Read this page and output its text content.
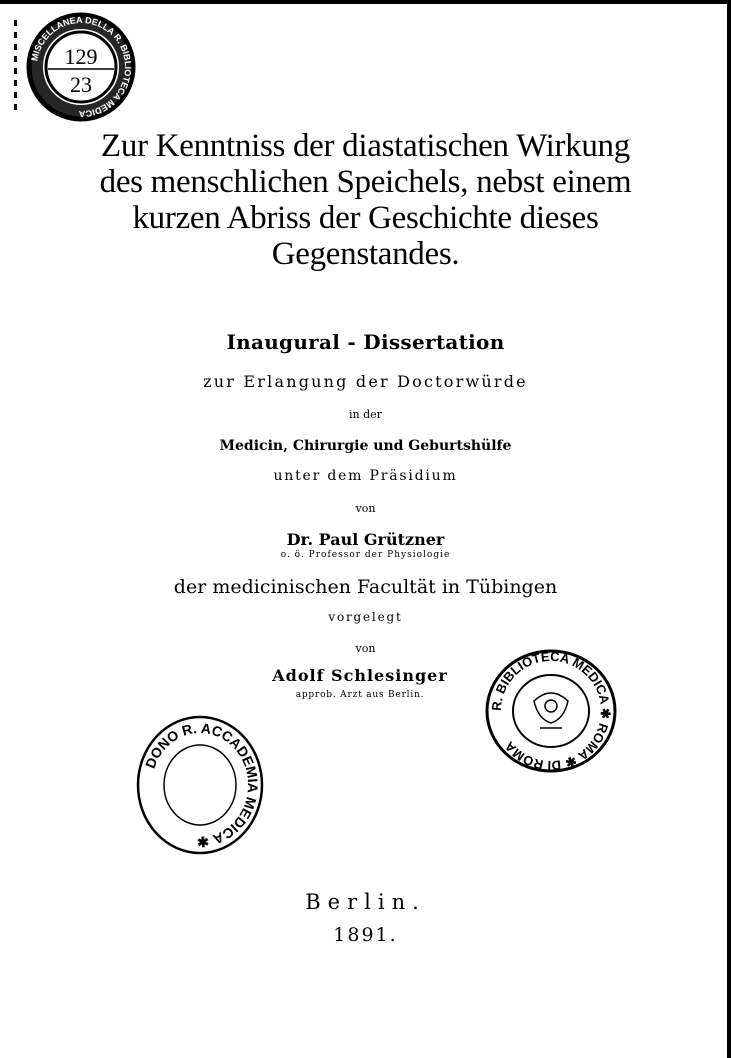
MISCELLANEA DELLA R. BIBLIOTECA MEDICA
129
23
Zur Kenntniss der diastatischen Wirkung
des menschlichen Speichels, nebst einem
kurzen Abriss der Geschichte dieses
Gegenstandes.
Inaugural - Dissertation
zur Erlangung der Doctorwürde
in der
Medicin, Chirurgie und Geburtshülfe
unter dem Präsidium
von
Dr. Paul Grützner
o. ö. Professor der Physiologie
der medicinischen Facultät in Tübingen
vorgelegt
von
Adolf Schlesinger
approb. Arzt aus Berlin.
R. BIBLIOTECA MEDICA ✱ ROMA ✱ DI ROMA
DONO R. ACCADEMIA MEDICA ✱
Berlin.
1891.
